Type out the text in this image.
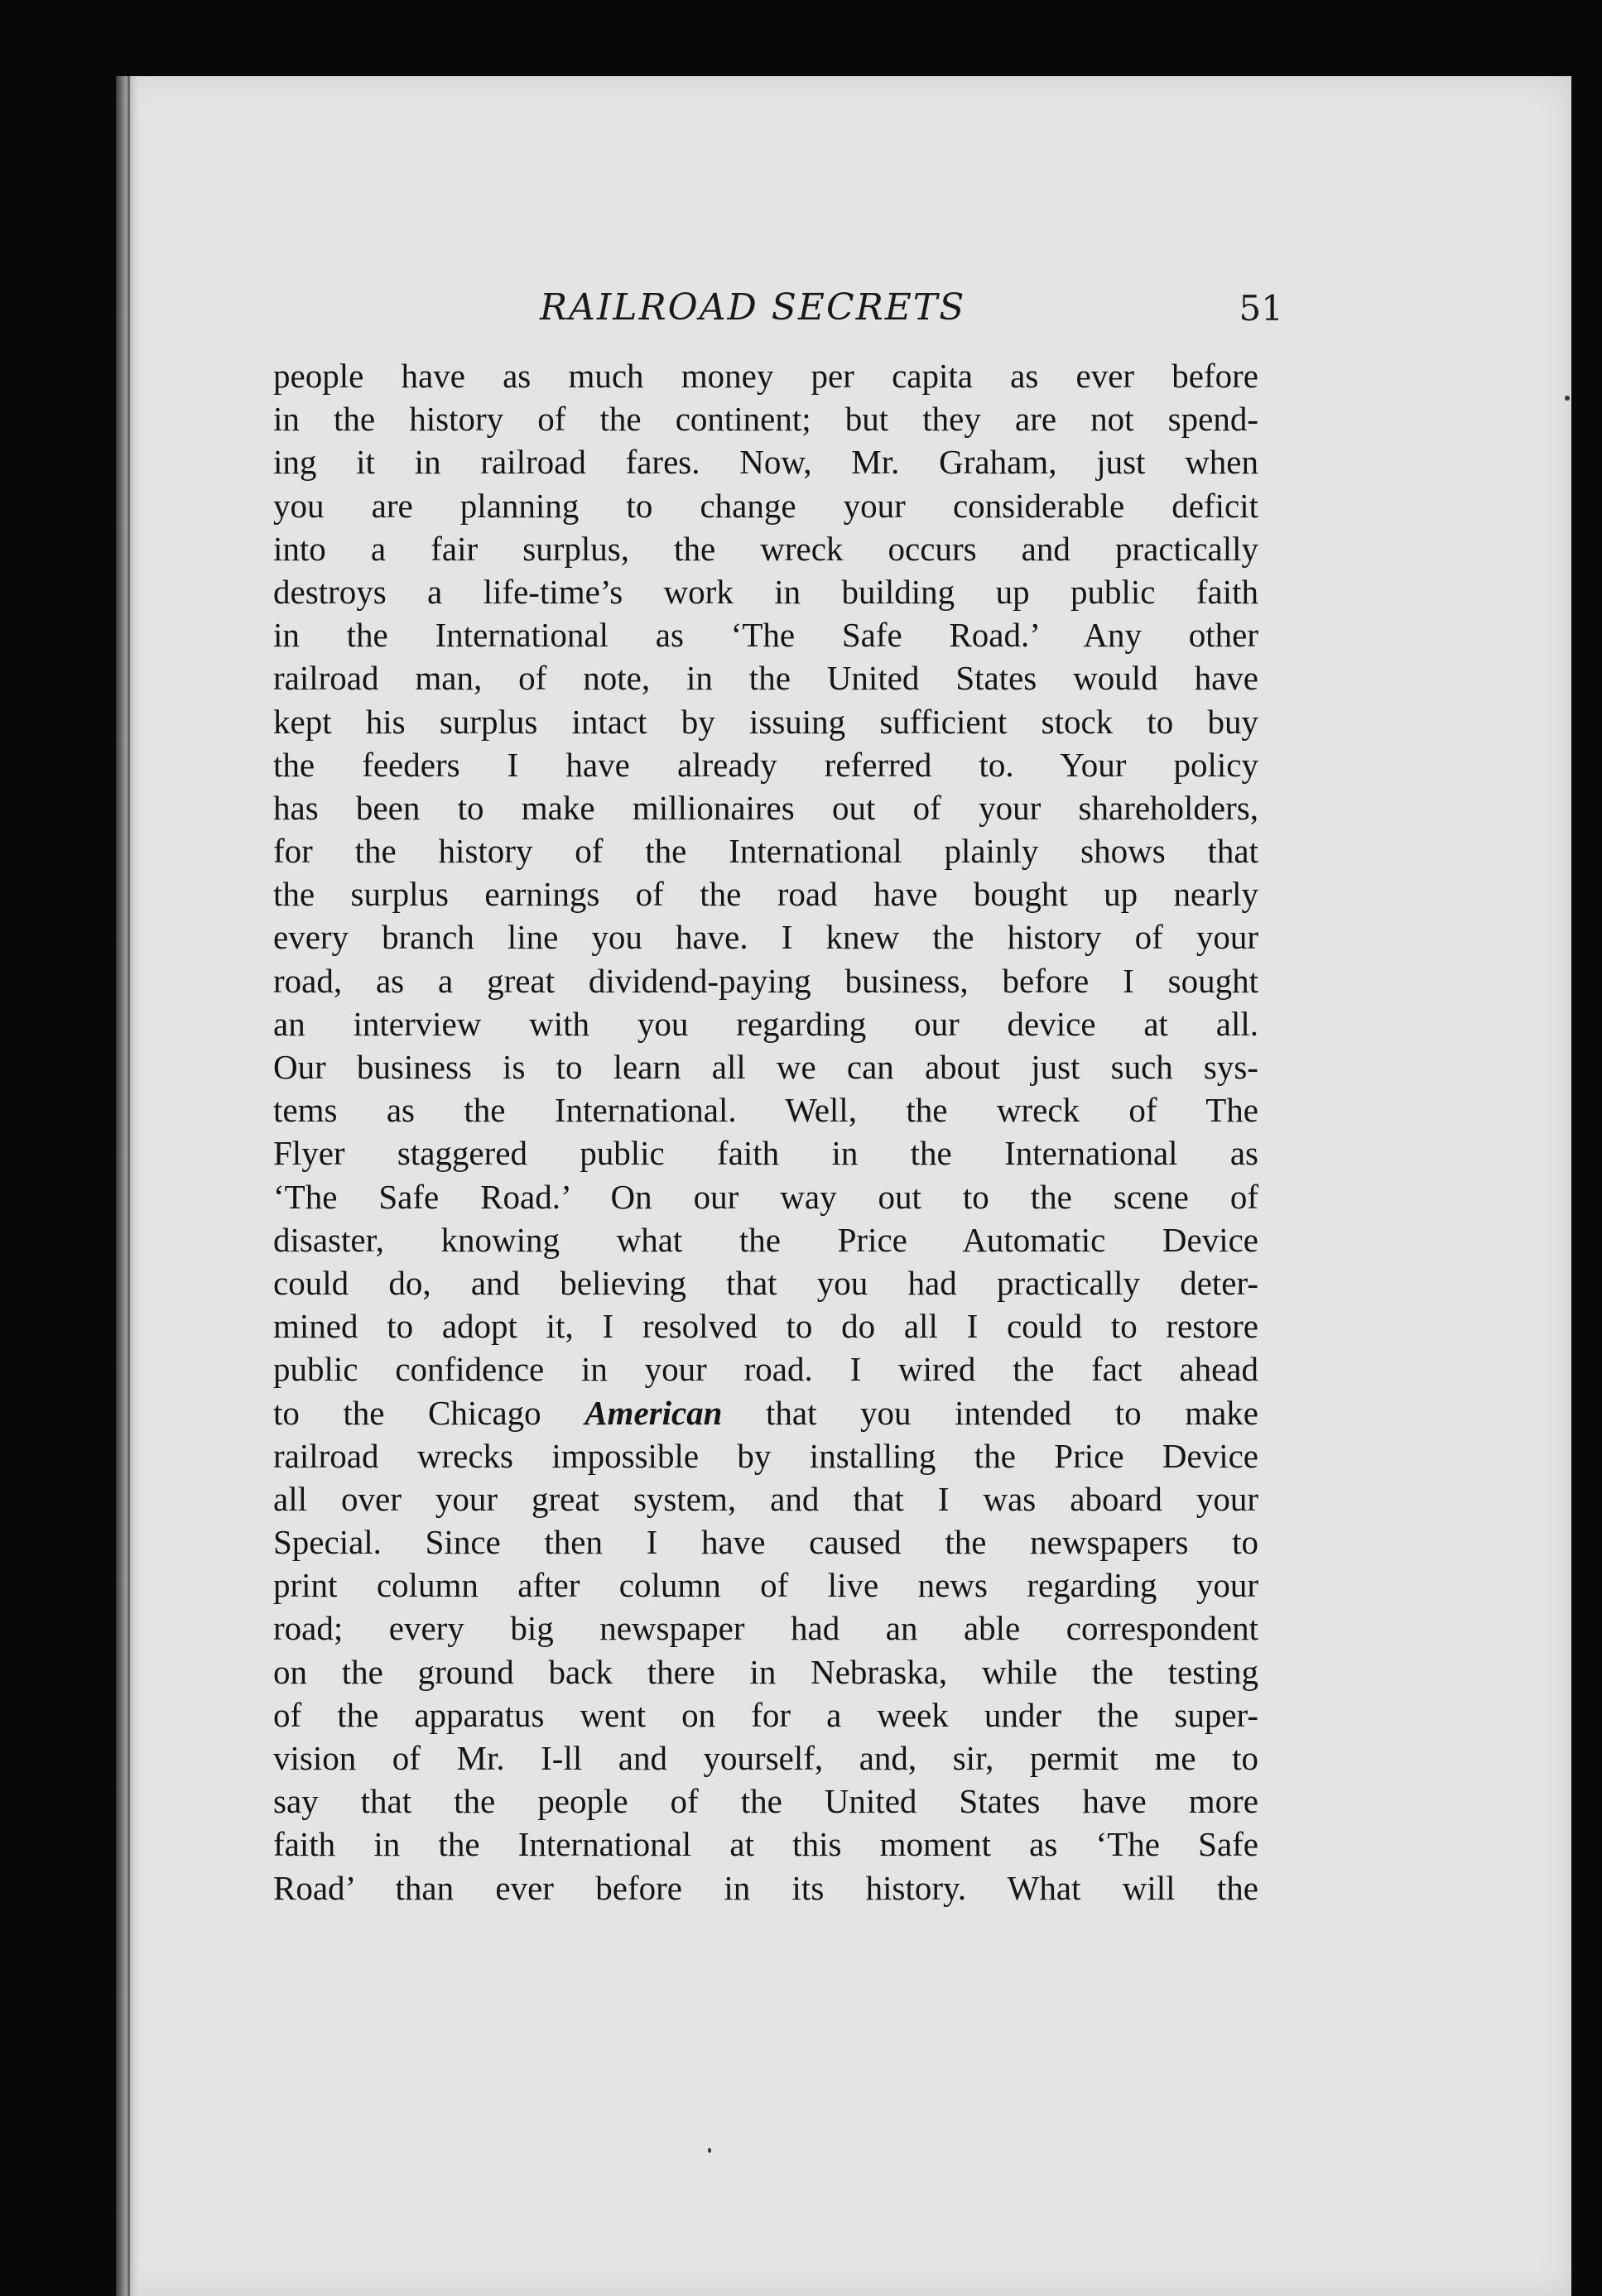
RAILROAD SECRETS	51
people have as much money per capita as ever before
in the history of the continent; but they are not spend-
ing it in railroad fares. Now, Mr. Graham, just when
you are planning to change your considerable deficit
into a fair surplus, the wreck occurs and practically
destroys a life-time’s work in building up public faith
in the International as ‘The Safe Road.’ Any other
railroad man, of note, in the United States would have
kept his surplus intact by issuing sufficient stock to buy
the feeders I have already referred to. Your policy
has been to make millionaires out of your shareholders,
for the history of the International plainly shows that
the surplus earnings of the road have bought up nearly
every branch line you have. I knew the history of your
road, as a great dividend-paying business, before I sought
an interview with you regarding our device at all.
Our business is to learn all we can about just such sys-
tems as the International. Well, the wreck of The
Flyer staggered public faith in the International as
‘The Safe Road.’ On our way out to the scene of
disaster, knowing what the Price Automatic Device
could do, and believing that you had practically deter-
mined to adopt it, I resolved to do all I could to restore
public confidence in your road. I wired the fact ahead
to the Chicago American that you intended to make
railroad wrecks impossible by installing the Price Device
all over your great system, and that I was aboard your
Special. Since then I have caused the newspapers to
print column after column of live news regarding your
road; every big newspaper had an able correspondent
on the ground back there in Nebraska, while the testing
of the apparatus went on for a week under the super-
vision of Mr. I-ll and yourself, and, sir, permit me to
say that the people of the United States have more
faith in the International at this moment as ‘The Safe
Road’ than ever before in its history. What will the
